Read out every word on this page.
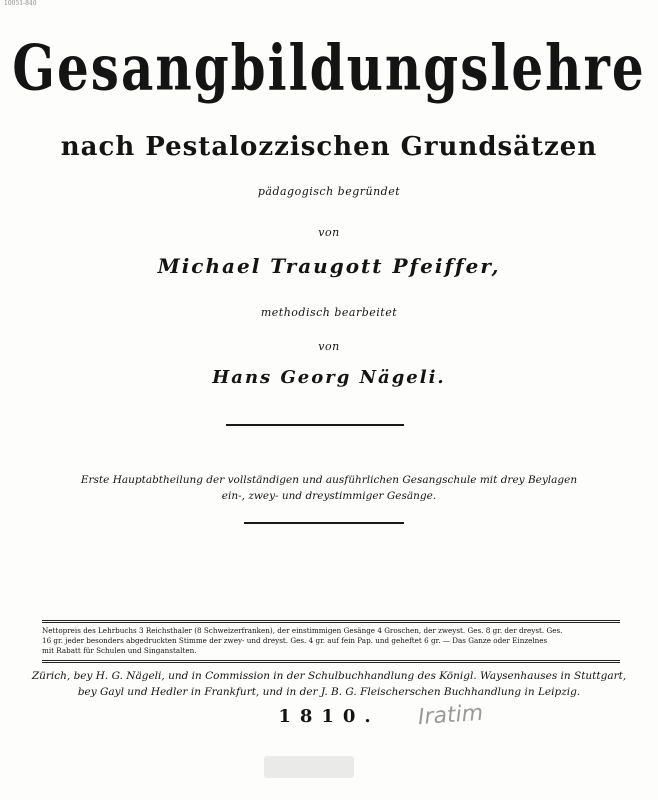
10051-840
Gesangbildungslehre
nach Pestalozzischen Grundsätzen
pädagogisch begründet
von
Michael Traugott Pfeiffer,
methodisch bearbeitet
von
Hans Georg Nägeli.
Erste Hauptabtheilung der vollständigen und ausführlichen Gesangschule mit drey Beylagen
ein-, zwey- und dreystimmiger Gesänge.
Nettopreis des Lehrbuchs 3 Reichsthaler (8 Schweizerfranken), der einstimmigen Gesänge 4 Groschen, der zweyst. Ges. 8 gr. der dreyst. Ges.
16 gr. jeder besonders abgedruckten Stimme der zwey- und dreyst. Ges. 4 gr. auf fein Pap. und geheftet 6 gr. — Das Ganze oder Einzelnes
mit Rabatt für Schulen und Singanstalten.
Zürich, bey H. G. Nägeli, und in Commission in der Schulbuchhandlung des Königl. Waysenhauses in Stuttgart,
bey Gayl und Hedler in Frankfurt, und in der J. B. G. Fleischerschen Buchhandlung in Leipzig.
1810.	Iratim
